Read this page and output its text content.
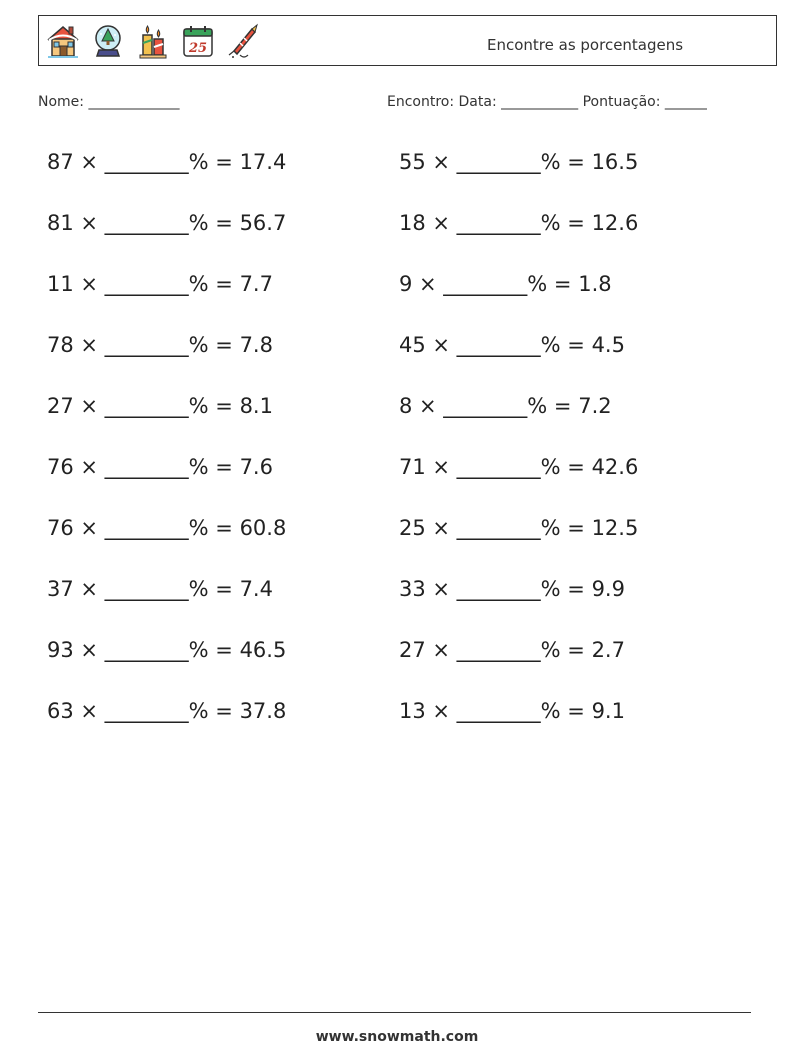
25	Encontre as porcentagens
Nome: _____________	Encontro: Data: ___________ Pontuação: ______
87 × ________% = 17.4
81 × ________% = 56.7
11 × ________% = 7.7
78 × ________% = 7.8
27 × ________% = 8.1
76 × ________% = 7.6
76 × ________% = 60.8
37 × ________% = 7.4
93 × ________% = 46.5
63 × ________% = 37.8
55 × ________% = 16.5
18 × ________% = 12.6
9 × ________% = 1.8
45 × ________% = 4.5
8 × ________% = 7.2
71 × ________% = 42.6
25 × ________% = 12.5
33 × ________% = 9.9
27 × ________% = 2.7
13 × ________% = 9.1
www.snowmath.com
